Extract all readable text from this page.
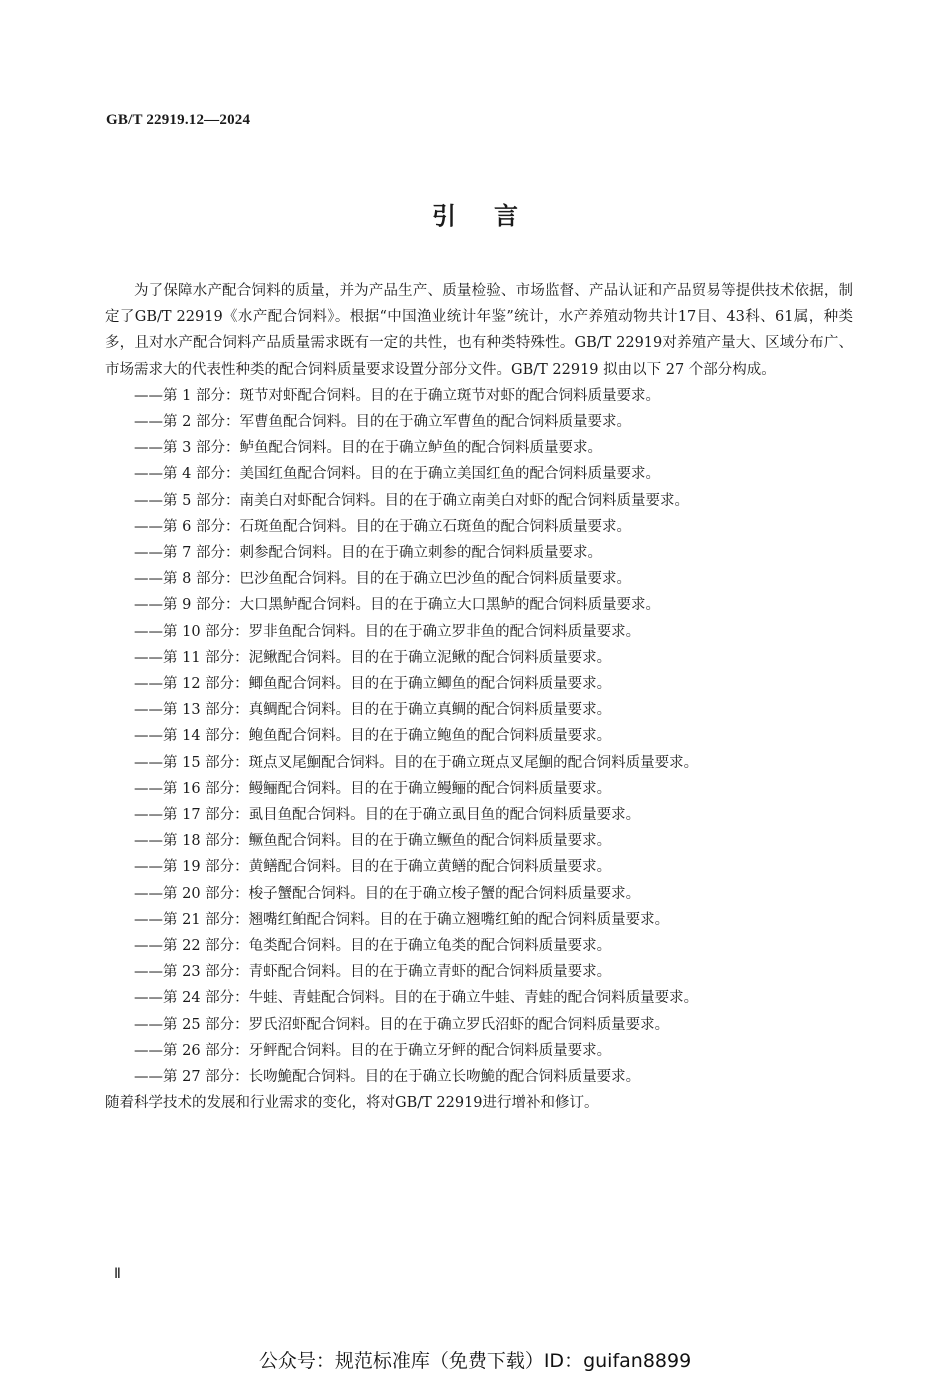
GB/T 22919.12—2024
引言

为了保障水产配合饲料的质量，并为产品生产、质量检验、市场监督、产品认证和产品贸易等提供技术依据，制定了GB/T 22919《水产配合饲料》。根据“中国渔业统计年鉴”统计，水产养殖动物共计17目、43科、61属，种类多，且对水产配合饲料产品质量需求既有一定的共性，也有种类特殊性。GB/T 22919对养殖产量大、区域分布广、市场需求大的代表性种类的配合饲料质量要求设置分部分文件。GB/T 22919 拟由以下 27 个部分构成。

——第 1 部分：斑节对虾配合饲料。目的在于确立斑节对虾的配合饲料质量要求。
——第 2 部分：军曹鱼配合饲料。目的在于确立军曹鱼的配合饲料质量要求。
——第 3 部分：鲈鱼配合饲料。目的在于确立鲈鱼的配合饲料质量要求。
——第 4 部分：美国红鱼配合饲料。目的在于确立美国红鱼的配合饲料质量要求。
——第 5 部分：南美白对虾配合饲料。目的在于确立南美白对虾的配合饲料质量要求。
——第 6 部分：石斑鱼配合饲料。目的在于确立石斑鱼的配合饲料质量要求。
——第 7 部分：刺参配合饲料。目的在于确立刺参的配合饲料质量要求。
——第 8 部分：巴沙鱼配合饲料。目的在于确立巴沙鱼的配合饲料质量要求。
——第 9 部分：大口黑鲈配合饲料。目的在于确立大口黑鲈的配合饲料质量要求。
——第 10 部分：罗非鱼配合饲料。目的在于确立罗非鱼的配合饲料质量要求。
——第 11 部分：泥鳅配合饲料。目的在于确立泥鳅的配合饲料质量要求。
——第 12 部分：鲫鱼配合饲料。目的在于确立鲫鱼的配合饲料质量要求。
——第 13 部分：真鲷配合饲料。目的在于确立真鲷的配合饲料质量要求。
——第 14 部分：鲍鱼配合饲料。目的在于确立鲍鱼的配合饲料质量要求。
——第 15 部分：斑点叉尾鮰配合饲料。目的在于确立斑点叉尾鮰的配合饲料质量要求。
——第 16 部分：鳗鲡配合饲料。目的在于确立鳗鲡的配合饲料质量要求。
——第 17 部分：虱目鱼配合饲料。目的在于确立虱目鱼的配合饲料质量要求。
——第 18 部分：鳜鱼配合饲料。目的在于确立鳜鱼的配合饲料质量要求。
——第 19 部分：黄鳝配合饲料。目的在于确立黄鳝的配合饲料质量要求。
——第 20 部分：梭子蟹配合饲料。目的在于确立梭子蟹的配合饲料质量要求。
——第 21 部分：翘嘴红鲌配合饲料。目的在于确立翘嘴红鲌的配合饲料质量要求。
——第 22 部分：龟类配合饲料。目的在于确立龟类的配合饲料质量要求。
——第 23 部分：青虾配合饲料。目的在于确立青虾的配合饲料质量要求。
——第 24 部分：牛蛙、青蛙配合饲料。目的在于确立牛蛙、青蛙的配合饲料质量要求。
——第 25 部分：罗氏沼虾配合饲料。目的在于确立罗氏沼虾的配合饲料质量要求。
——第 26 部分：牙鲆配合饲料。目的在于确立牙鲆的配合饲料质量要求。
——第 27 部分：长吻鮠配合饲料。目的在于确立长吻鮠的配合饲料质量要求。

随着科学技术的发展和行业需求的变化，将对GB/T 22919进行增补和修订。

Ⅱ
公众号：规范标准库（免费下载）ID：guifan8899
